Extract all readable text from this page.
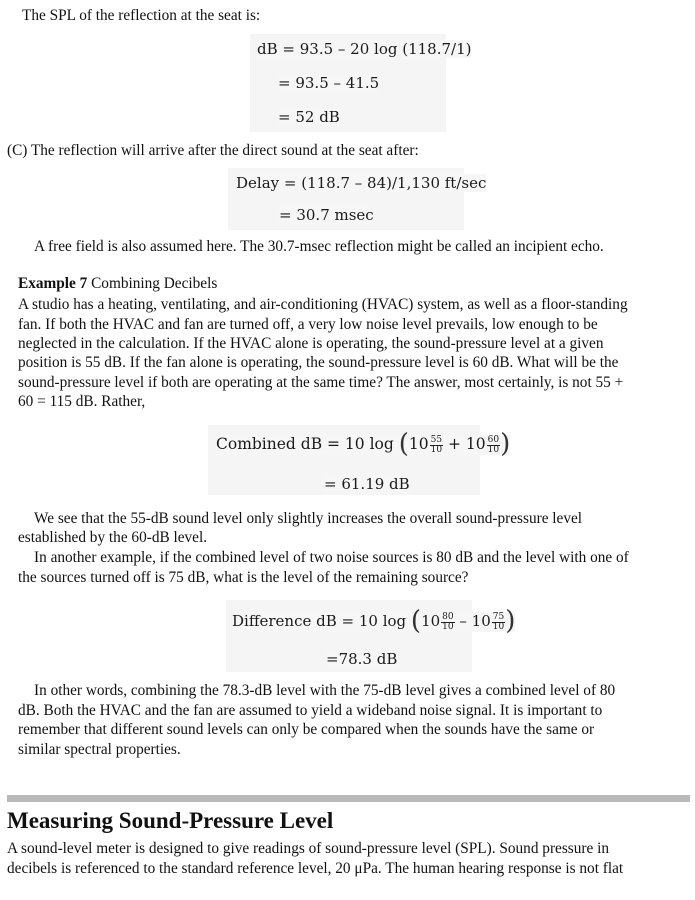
The SPL of the reflection at the seat is:
dB = 93.5 – 20 log (118.7/1)
= 93.5 – 41.5
= 52 dB
(C) The reflection will arrive after the direct sound at the seat after:
Delay = (118.7 – 84)/1,130 ft/sec
= 30.7 msec
A free field is also assumed here. The 30.7-msec reflection might be called an incipient echo.
Example 7 Combining Decibels
A studio has a heating, ventilating, and air-conditioning (HVAC) system, as well as a floor-standing
fan. If both the HVAC and fan are turned off, a very low noise level prevails, low enough to be
neglected in the calculation. If the HVAC alone is operating, the sound-pressure level at a given
position is 55 dB. If the fan alone is operating, the sound-pressure level is 60 dB. What will be the
sound-pressure level if both are operating at the same time? The answer, most certainly, is not 55 +
60 = 115 dB. Rather,
Combined dB = 10 $\log (10 \frac{55}{10} + 10 \frac{60}{10}$ )
= 61.19 dB
We see that the 55-dB sound level only slightly increases the overall sound-pressure level
established by the 60-dB level.
In another example, if the combined level of two noise sources is 80 dB and the level with one of
the sources turned off is 75 dB, what is the level of the remaining source?
Difference dB = 10 $\log (10 \frac{80}{10} - 10 \frac{75}{10}$ )
=78.3 dB
In other words, combining the 78.3-dB level with the 75-dB level gives a combined level of 80
dB. Both the HVAC and the fan are assumed to yield a wideband noise signal. It is important to
remember that different sound levels can only be compared when the sounds have the same or
similar spectral properties.
Measuring Sound-Pressure Level
A sound-level meter is designed to give readings of sound-pressure level (SPL). Sound pressure in
decibels is referenced to the standard reference level, 20 μPa. The human hearing response is not flat
